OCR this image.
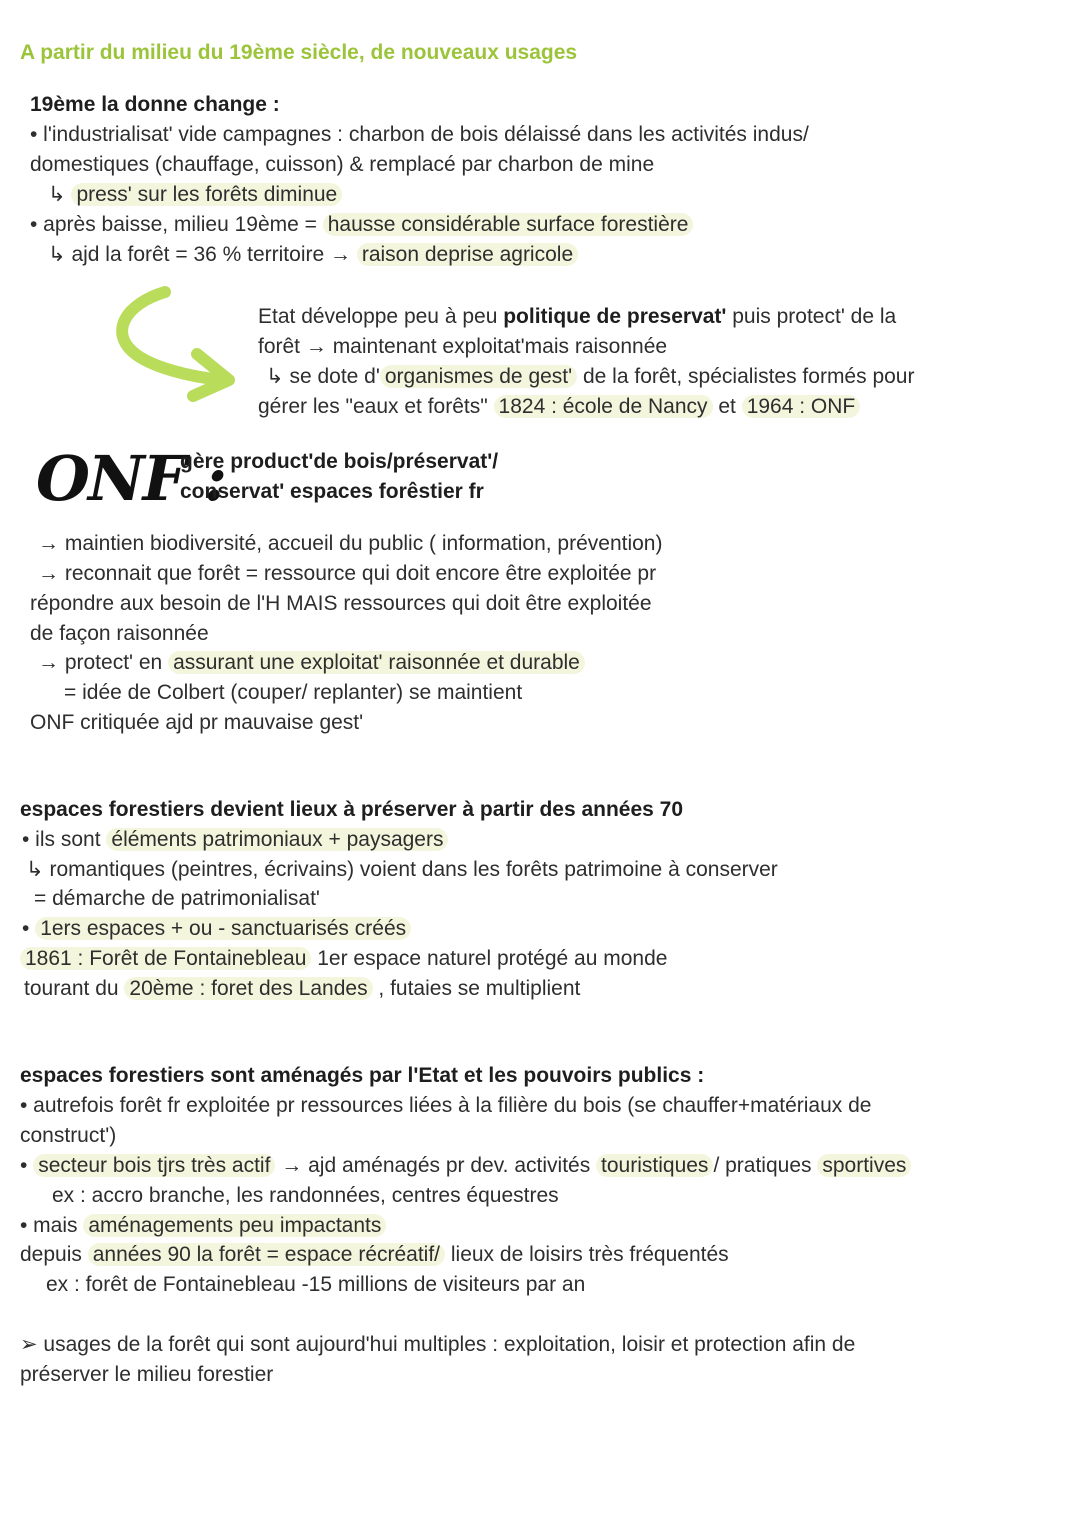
A partir du milieu du 19ème siècle, de nouveaux usages
19ème la donne change :
• l'industrialisat' vide campagnes : charbon de bois délaissé dans les activités indus/
domestiques (chauffage, cuisson) & remplacé par charbon de mine
↳ press' sur les forêts diminue
• après baisse, milieu 19ème = hausse considérable surface forestière
↳ ajd la forêt = 36 % territoire → raison deprise agricole
Etat développe peu à peu politique de preservat' puis protect' de la
forêt → maintenant exploitat'mais raisonnée
↳ se dote d' organismes de gest' de la forêt, spécialistes formés pour
gérer les "eaux et forêts" 1824 : école de Nancy et 1964 : ONF
ONF :
gère product'de bois/préservat'/
conservat' espaces forêstier fr
→ maintien biodiversité, accueil du public ( information, prévention)
→ reconnait que forêt = ressource qui doit encore être exploitée pr
répondre aux besoin de l'H MAIS ressources qui doit être exploitée
de façon raisonnée
→ protect' en assurant une exploitat' raisonnée et durable
= idée de Colbert (couper/ replanter) se maintient
ONF critiquée ajd pr mauvaise gest'
espaces forestiers devient lieux à préserver à partir des années 70
• ils sont éléments patrimoniaux + paysagers
↳ romantiques (peintres, écrivains) voient dans les forêts patrimoine à conserver
= démarche de patrimonialisat'
• 1ers espaces + ou - sanctuarisés créés
1861 : Forêt de Fontainebleau 1er espace naturel protégé au monde
tourant du 20ème : foret des Landes , futaies se multiplient
espaces forestiers sont aménagés par l'Etat et les pouvoirs publics :
• autrefois forêt fr exploitée pr ressources liées à la filière du bois (se chauffer+matériaux de
construct')
• secteur bois tjrs très actif → ajd aménagés pr dev. activités touristiques / pratiques sportives
ex : accro branche, les randonnées, centres équestres
• mais aménagements peu impactants
depuis années 90 la forêt = espace récréatif/ lieux de loisirs très fréquentés
ex : forêt de Fontainebleau -15 millions de visiteurs par an
➢ usages de la forêt qui sont aujourd'hui multiples : exploitation, loisir et protection afin de
préserver le milieu forestier
